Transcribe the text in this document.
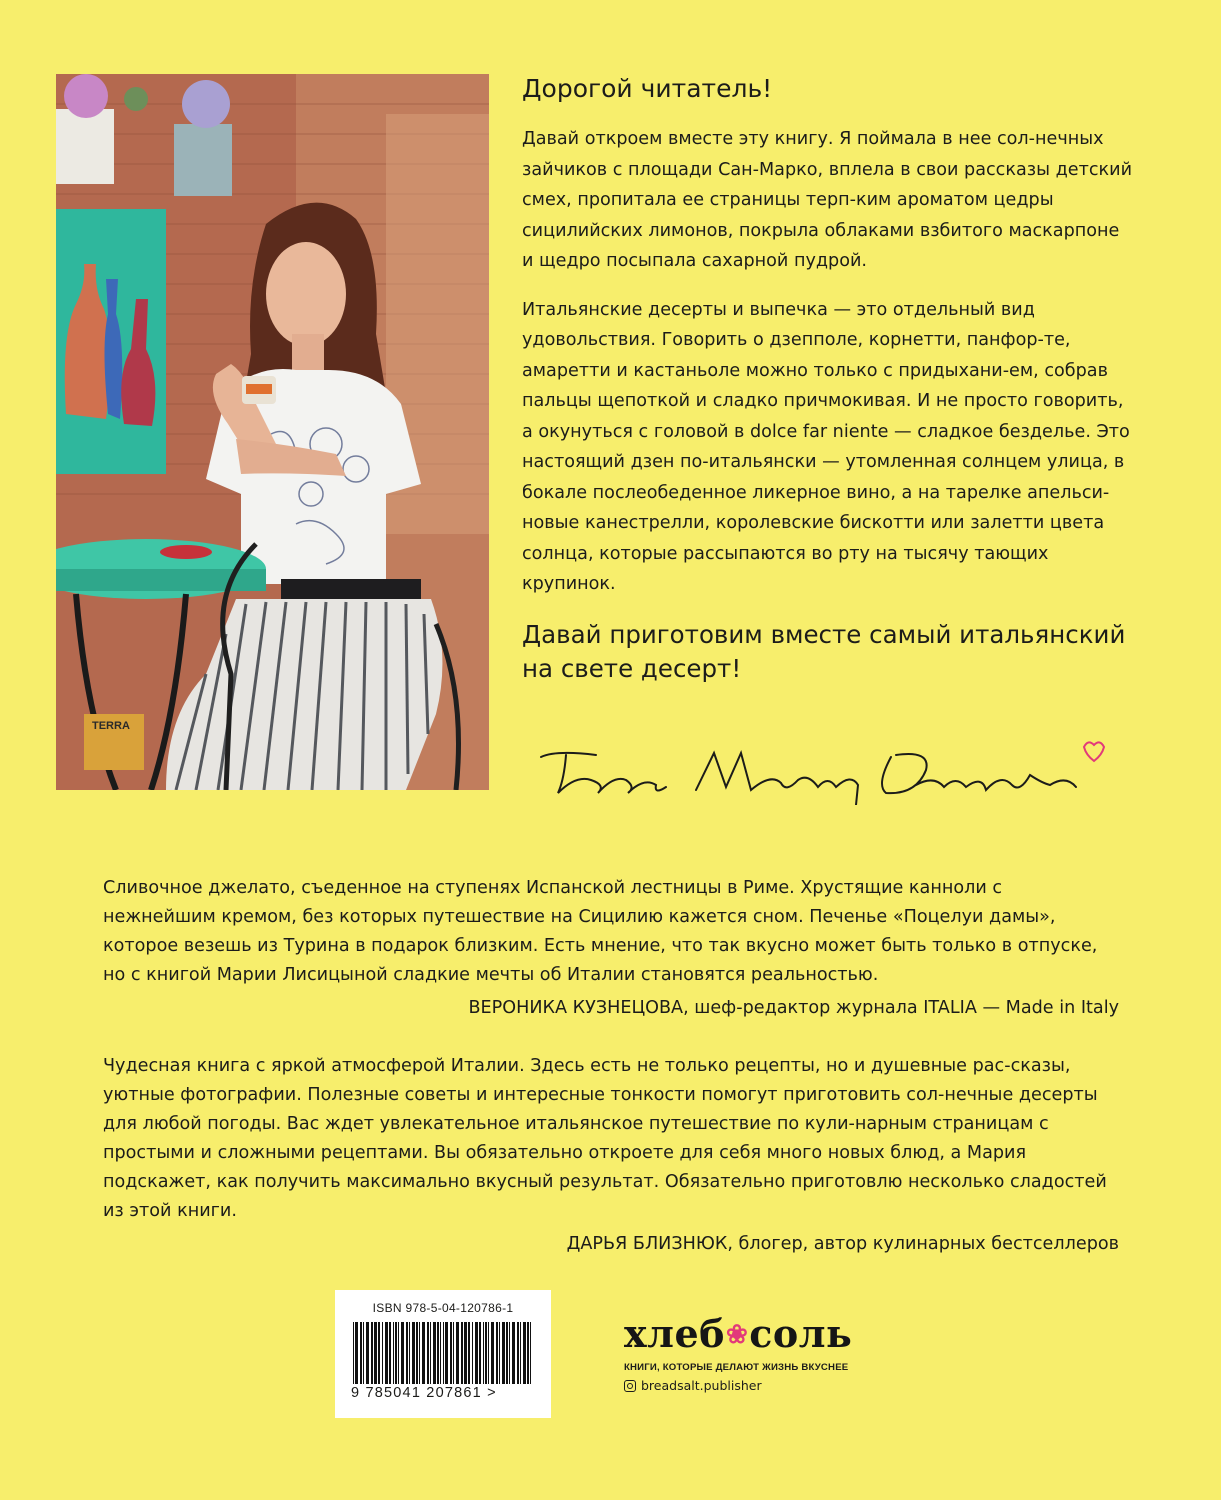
TERRA
Дорогой читатель!

Давай откроем вместе эту книгу. Я поймала в нее сол-нечных зайчиков с площади Сан-Марко, вплела в свои рассказы детский смех, пропитала ее страницы терп-ким ароматом цедры сицилийских лимонов, покрыла облаками взбитого маскарпоне и щедро посыпала сахарной пудрой.

Итальянские десерты и выпечка — это отдельный вид удовольствия. Говорить о дзепполе, корнетти, панфор-те, амаретти и кастаньоле можно только с придыхани-ем, собрав пальцы щепоткой и сладко причмокивая. И не просто говорить, а окунуться с головой в dolce far niente — сладкое безделье. Это настоящий дзен по-итальянски — утомленная солнцем улица, в бокале послеобеденное ликерное вино, а на тарелке апельси-новые канестрелли, королевские бискотти или залетти цвета солнца, которые рассыпаются во рту на тысячу тающих крупинок.

Давай приготовим вместе самый итальянский на свете десерт!

Сливочное джелато, съеденное на ступенях Испанской лестницы в Риме. Хрустящие канноли с нежнейшим кремом, без которых путешествие на Сицилию кажется сном. Печенье «Поцелуи дамы», которое везешь из Турина в подарок близким. Есть мнение, что так вкусно может быть только в отпуске, но с книгой Марии Лисицыной сладкие мечты об Италии становятся реальностью.

ВЕРОНИКА КУЗНЕЦОВА, шеф-редактор журнала ITALIA — Made in Italy

Чудесная книга с яркой атмосферой Италии. Здесь есть не только рецепты, но и душевные рас-сказы, уютные фотографии. Полезные советы и интересные тонкости помогут приготовить сол-нечные десерты для любой погоды. Вас ждет увлекательное итальянское путешествие по кули-нарным страницам с простыми и сложными рецептами. Вы обязательно откроете для себя много новых блюд, а Мария подскажет, как получить максимально вкусный результат. Обязательно приготовлю несколько сладостей из этой книги.

ДАРЬЯ БЛИЗНЮК, блогер, автор кулинарных бестселлеров

ISBN 978-5-04-120786-1
9 785041 207861 >
хлеб❀соль
КНИГИ, КОТОРЫЕ ДЕЛАЮТ ЖИЗНЬ ВКУСНЕЕ
breadsalt.publisher
